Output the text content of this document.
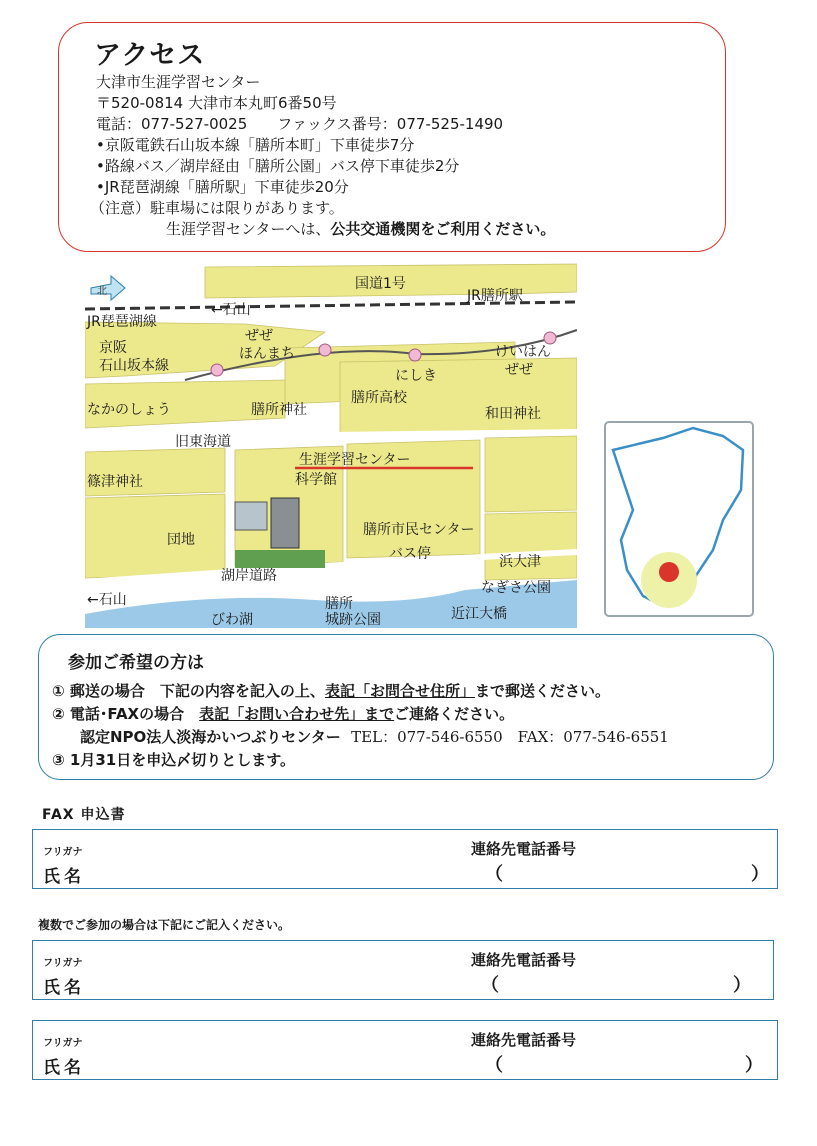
アクセス
大津市生涯学習センター
〒520-0814 大津市本丸町6番50号
電話：077-527-0025　　ファックス番号：077-525-1490
•京阪電鉄石山坂本線「膳所本町」下車徒歩7分
•路線バス／湖岸経由「膳所公園」バス停下車徒歩2分
•JR琵琶湖線「膳所駅」下車徒歩20分
（注意）駐車場には限りがあります。
生涯学習センターへは、公共交通機関をご利用ください。
北	国道1号
JR膳所駅
←石山
JR琵琶湖線
ぜぜ
ほんまち
京阪
石山坂本線
けいはん
ぜぜ
にしき
なかのしょう	膳所神社
膳所高校
和田神社
旧東海道
生涯学習センター
科学館
篠津神社
団地
膳所市民センター
バス停	浜大津
なぎさ公園
湖岸道路
←石山
びわ湖
膳所
城跡公園	近江大橋
参加ご希望の方は
① 郵送の場合　下記の内容を記入の上、表記「お問合せ住所」まで郵送ください。
② 電話･FAXの場合　表記「お問い合わせ先」までご連絡ください。
認定NPO法人淡海かいつぶりセンター TEL：077-546-6550　FAX：077-546-6551
③ 1月31日を申込〆切りとします。
FAX 申込書
フリガナ
氏名
連絡先電話番号
（	）
複数でご参加の場合は下記にご記入ください。
フリガナ
氏名
連絡先電話番号
（	）
フリガナ
氏名
連絡先電話番号
（	）
